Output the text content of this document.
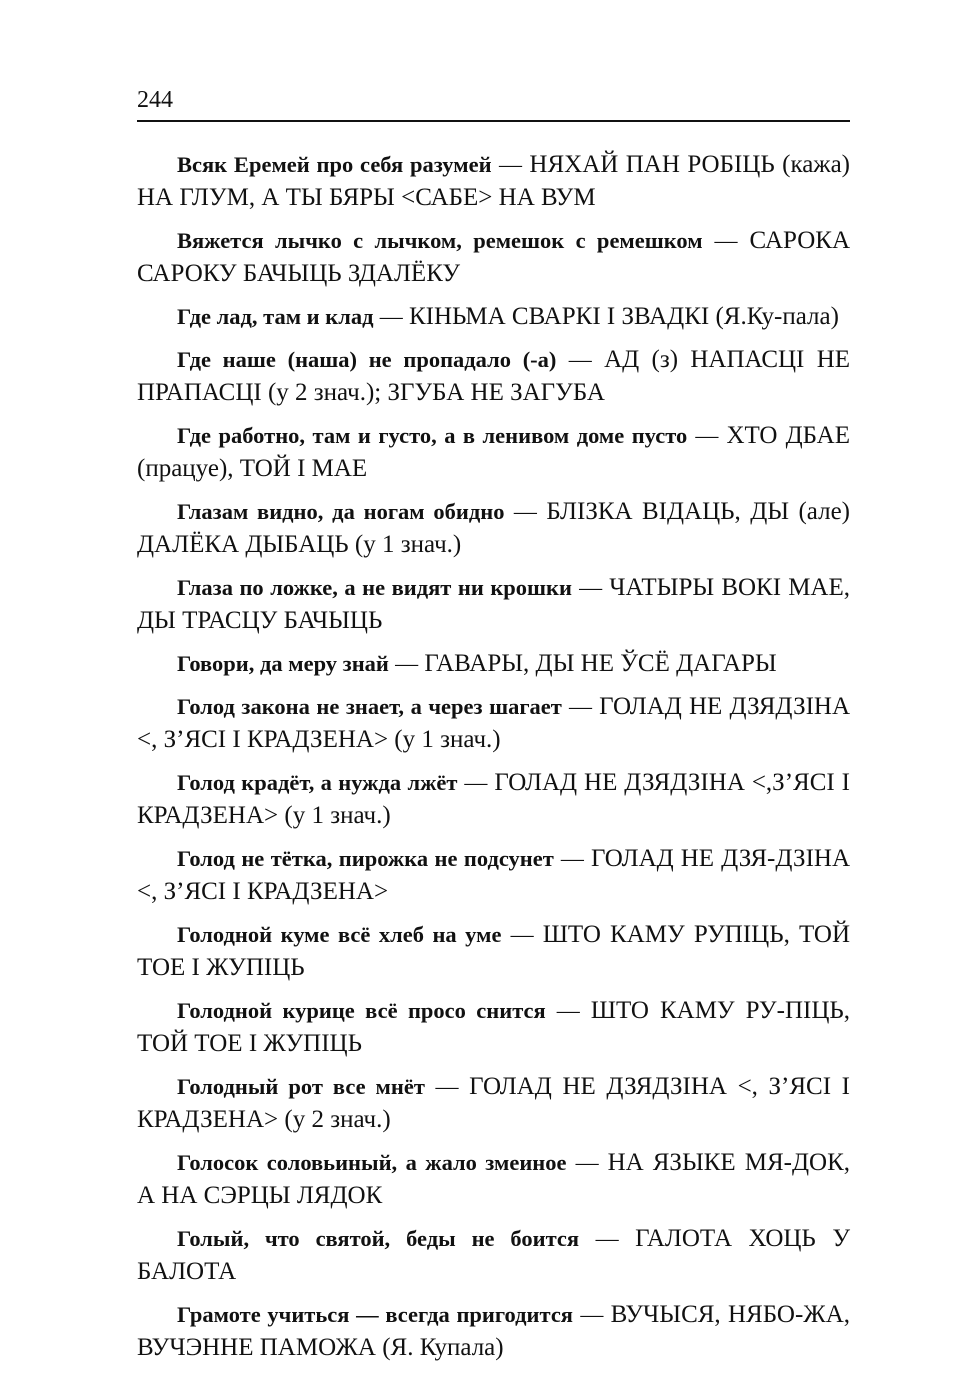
244

Всяк Еремей про себя разумей — НЯХАЙ ПАН РОБІЦЬ (кажа) НА ГЛУМ, А ТЫ БЯРЫ <САБЕ> НА ВУМ

Вяжется лычко с лычком, ремешок с ремешком — САРОКА САРОКУ БАЧЫЦЬ ЗДАЛЁКУ

Где лад, там и клад — КІНЬМА СВАРКІ І ЗВАДКІ (Я.Ку-пала)

Где наше (наша) не пропадало (-а) — АД (з) НАПАСЦІ НЕ ПРАПАСЦІ (у 2 знач.); ЗГУБА НЕ ЗАГУБА

Где работно, там и густо, а в ленивом доме пусто — ХТО ДБАЕ (працуе), ТОЙ І МАЕ

Глазам видно, да ногам обидно — БЛІЗКА ВІДАЦЬ, ДЫ (але) ДАЛЁКА ДЫБАЦЬ (у 1 знач.)

Глаза по ложке, а не видят ни крошки — ЧАТЫРЫ ВОКІ МАЕ, ДЫ ТРАСЦУ БАЧЫЦЬ

Говори, да меру знай — ГАВАРЫ, ДЫ НЕ ЎСЁ ДАГАРЫ

Голод закона не знает, а через шагает — ГОЛАД НЕ ДЗЯДЗІНА <, З’ЯСІ І КРАДЗЕНА> (у 1 знач.)

Голод крадёт, а нужда лжёт — ГОЛАД НЕ ДЗЯДЗІНА <,З’ЯСІ І КРАДЗЕНА> (у 1 знач.)

Голод не тётка, пирожка не подсунет — ГОЛАД НЕ ДЗЯ-ДЗІНА <, З’ЯСІ І КРАДЗЕНА>

Голодной куме всё хлеб на уме — ШТО КАМУ РУПІЦЬ, ТОЙ ТОЕ І ЖУПІЦЬ

Голодной курице всё просо снится — ШТО КАМУ РУ-ПІЦЬ, ТОЙ ТОЕ І ЖУПІЦЬ

Голодный рот все мнёт — ГОЛАД НЕ ДЗЯДЗІНА <, З’ЯСІ І КРАДЗЕНА> (у 2 знач.)

Голосок соловьиный, а жало змеиное — НА ЯЗЫКЕ МЯ-ДОК, А НА СЭРЦЫ ЛЯДОК

Голый, что святой, беды не боится — ГАЛОТА ХОЦЬ У БАЛОТА

Грамоте учиться — всегда пригодится — ВУЧЫСЯ, НЯБО-ЖА, ВУЧЭННЕ ПАМОЖА (Я. Купала)
